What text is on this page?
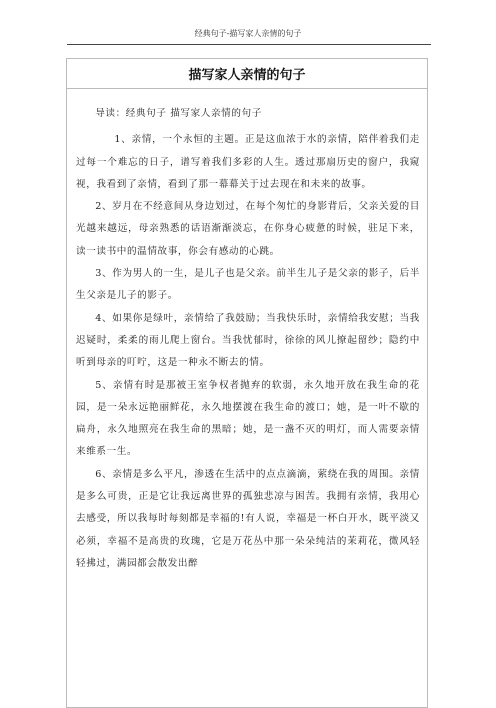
经典句子-描写家人亲情的句子
描写家人亲情的句子

导读：经典句子 描写家人亲情的句子

1、亲情，一个永恒的主题。正是这血浓于水的亲情，陪伴着我们走过每一个难忘的日子，谱写着我们多彩的人生。透过那扇历史的窗户，我窥视，我看到了亲情，看到了那一幕幕关于过去现在和未来的故事。

2、岁月在不经意间从身边划过，在每个匆忙的身影背后，父亲关爱的目光越来越远，母亲熟悉的话语渐渐淡忘，在你身心疲惫的时候，驻足下来，读一读书中的温情故事，你会有感动的心跳。

3、作为男人的一生，是儿子也是父亲。前半生儿子是父亲的影子，后半生父亲是儿子的影子。

4、如果你是绿叶，亲情给了我鼓励；当我快乐时，亲情给我安慰；当我迟疑时，柔柔的雨儿爬上窗台。当我忧郁时，徐徐的风儿撩起留纱；隐约中听到母亲的叮咛，这是一种永不断去的情。

5、亲情有时是那被王室争权者抛弃的软弱，永久地开放在我生命的花园，是一朵永远艳丽鲜花，永久地摆渡在我生命的渡口；她，是一叶不歇的扁舟，永久地照亮在我生命的黑暗；她，是一盏不灭的明灯，而人需要亲情来维系一生。

6、亲情是多么平凡，渗透在生活中的点点滴滴，萦绕在我的周围。亲情是多么可贵，正是它让我远离世界的孤独悲凉与困苦。我拥有亲情，我用心去感受，所以我每时每刻都是幸福的!有人说，幸福是一杯白开水，既平淡又必须，幸福不是高贵的玫瑰，它是万花丛中那一朵朵纯洁的茉莉花，微风轻轻拂过，满园都会散发出醉
